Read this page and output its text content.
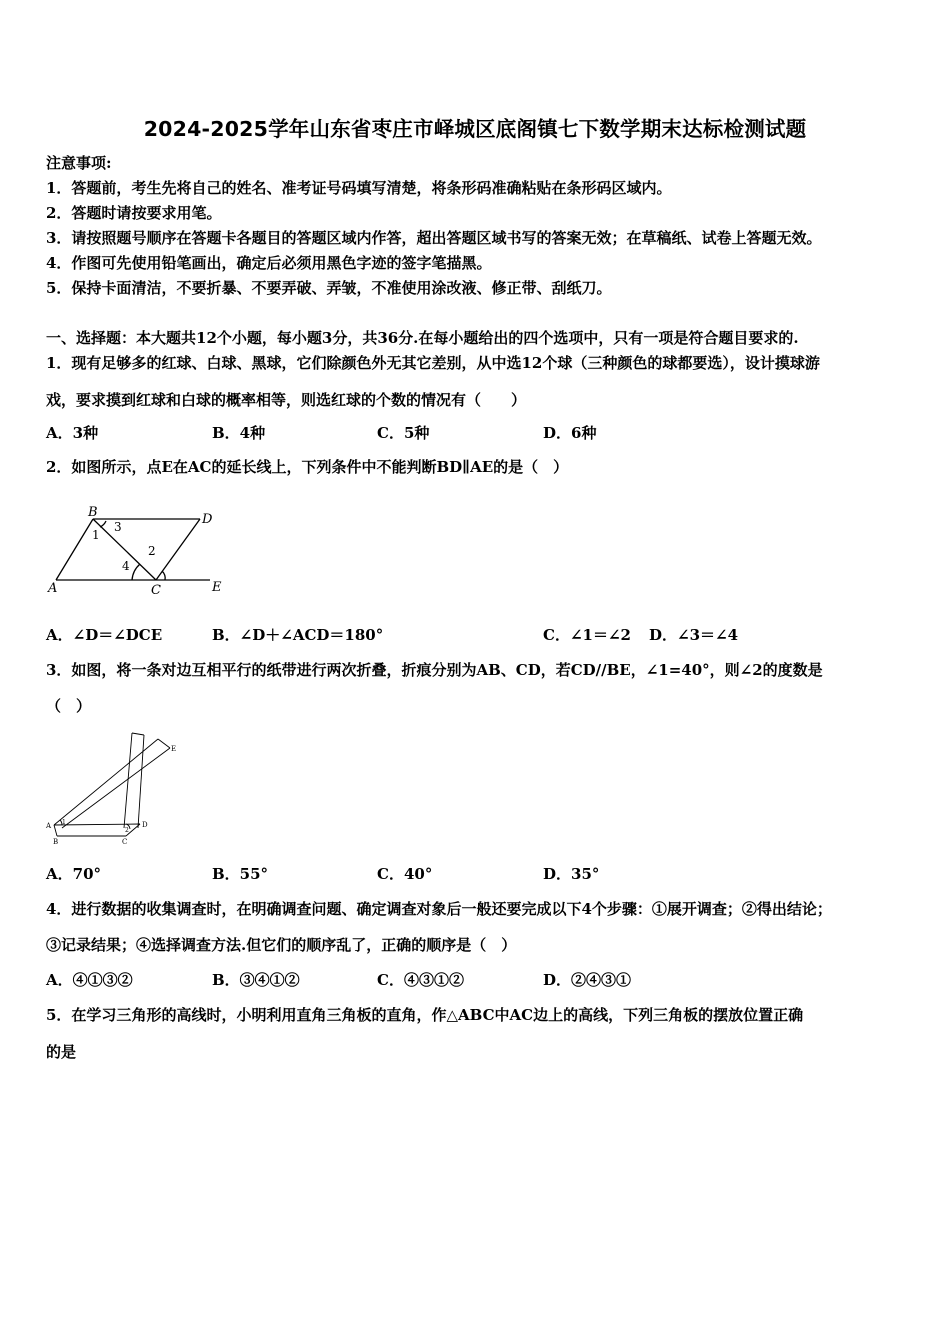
2024-2025学年山东省枣庄市峄城区底阁镇七下数学期末达标检测试题
注意事项:
1．答题前，考生先将自己的姓名、准考证号码填写清楚，将条形码准确粘贴在条形码区域内。
2．答题时请按要求用笔。
3．请按照题号顺序在答题卡各题目的答题区域内作答，超出答题区域书写的答案无效；在草稿纸、试卷上答题无效。
4．作图可先使用铅笔画出，确定后必须用黑色字迹的签字笔描黑。
5．保持卡面清洁，不要折暴、不要弄破、弄皱，不准使用涂改液、修正带、刮纸刀。
一、选择题：本大题共12个小题，每小题3分，共36分.在每小题给出的四个选项中，只有一项是符合题目要求的.
1．现有足够多的红球、白球、黑球，它们除颜色外无其它差别，从中选12个球（三种颜色的球都要选），设计摸球游
戏，要求摸到红球和白球的概率相等，则选红球的个数的情况有（　　）
A．3种	B．4种	C．5种	D．6种
2．如图所示，点E在AC的延长线上，下列条件中不能判断BD∥AE的是（　）
B	D
A	C	E
1
2
3
4
A．∠D＝∠DCE	B．∠D＋∠ACD＝180°	C．∠1＝∠2 D．∠3＝∠4
3．如图，将一条对边互相平行的纸带进行两次折叠，折痕分别为AB、CD，若CD//BE，∠1=40°，则∠2的度数是
（　）
E
A
B	C
D
1
2
A．70°	B．55°	C．40°	D．35°
4．进行数据的收集调查时，在明确调查问题、确定调查对象后一般还要完成以下4个步骤：①展开调查；②得出结论；
③记录结果；④选择调查方法.但它们的顺序乱了，正确的顺序是（　）
A．④①③②	B．③④①②	C．④③①②	D．②④③①
5．在学习三角形的高线时，小明利用直角三角板的直角，作△ABC中AC边上的高线，下列三角板的摆放位置正确
的是
